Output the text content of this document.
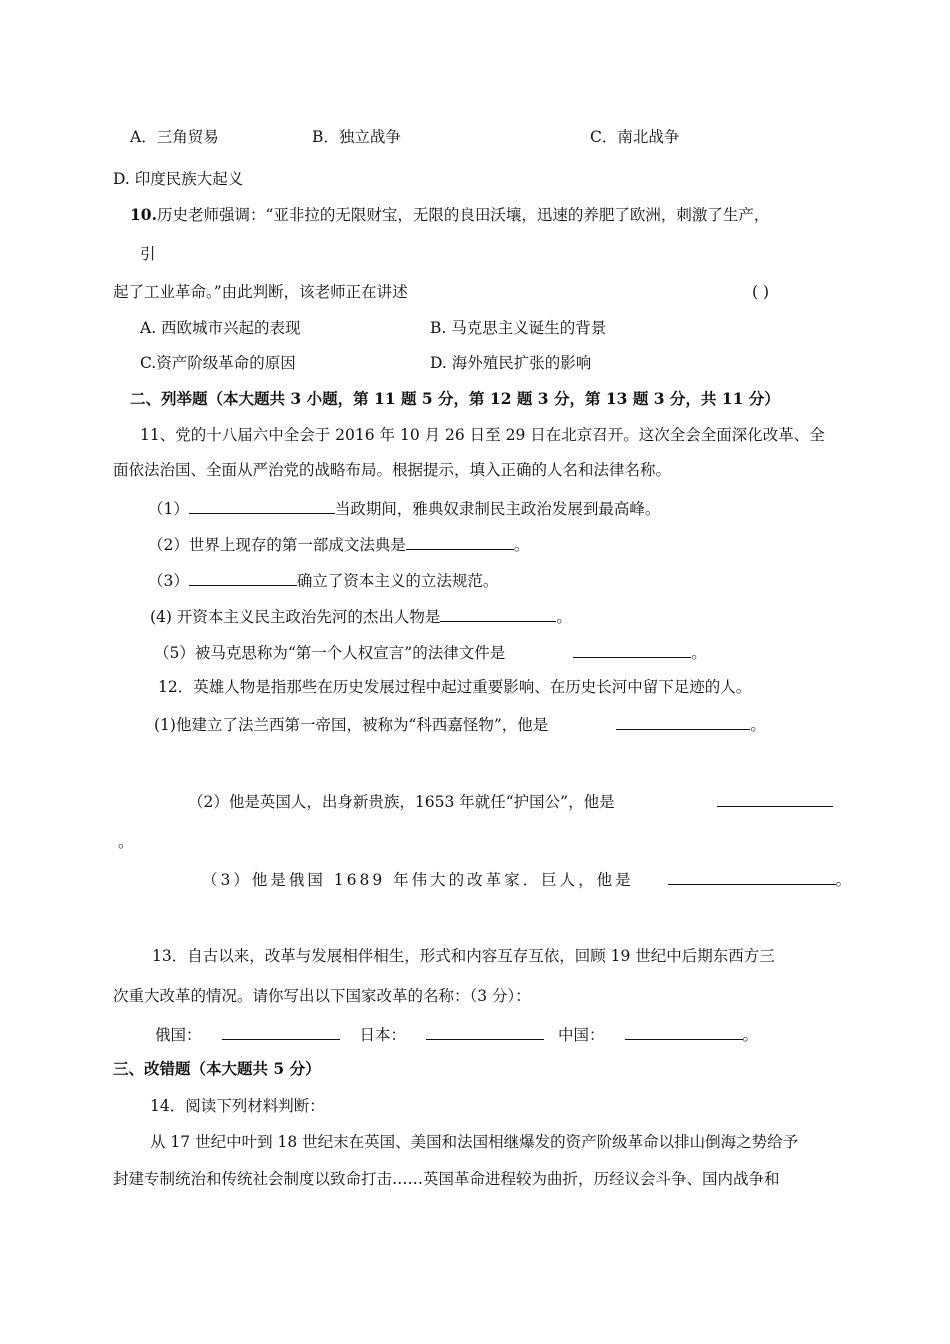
A．三角贸易	B．独立战争	C．南北战争
D. 印度民族大起义
10.历史老师强调：“亚非拉的无限财宝，无限的良田沃壤，迅速的养肥了欧洲，刺激了生产，
引
起了工业革命。”由此判断，该老师正在讲述	( )
A. 西欧城市兴起的表现	B. 马克思主义诞生的背景
C.资产阶级革命的原因	D. 海外殖民扩张的影响
二、列举题（本大题共 3 小题，第 11 题 5 分，第 12 题 3 分，第 13 题 3 分，共 11 分）
11、党的十八届六中全会于 2016 年 10 月 26 日至 29 日在北京召开。这次全会全面深化改革、全
面依法治国、全面从严治党的战略布局。根据提示，填入正确的人名和法律名称。
（1）	当政期间，雅典奴隶制民主政治发展到最高峰。
（2）世界上现存的第一部成文法典是	。
（3）	确立了资本主义的立法规范。
(4) 开资本主义民主政治先河的杰出人物是	。
（5）被马克思称为“第一个人权宣言”的法律文件是	。
12．英雄人物是指那些在历史发展过程中起过重要影响、在历史长河中留下足迹的人。
(1)他建立了法兰西第一帝国，被称为“科西嘉怪物”，他是	。
（2）他是英国人，出身新贵族，1653 年就任“护国公”，他是
。
（3）他是俄国 1689 年伟大的改革家．巨人，他是	。
13．自古以来，改革与发展相伴相生，形式和内容互存互依，回顾 19 世纪中后期东西方三
次重大改革的情况。请你写出以下国家改革的名称：（3 分）：
俄国：	日本：	中国：	。
三、改错题（本大题共 5 分）
14．阅读下列材料判断：
从 17 世纪中叶到 18 世纪末在英国、美国和法国相继爆发的资产阶级革命以排山倒海之势给予
封建专制统治和传统社会制度以致命打击……英国革命进程较为曲折，历经议会斗争、国内战争和
